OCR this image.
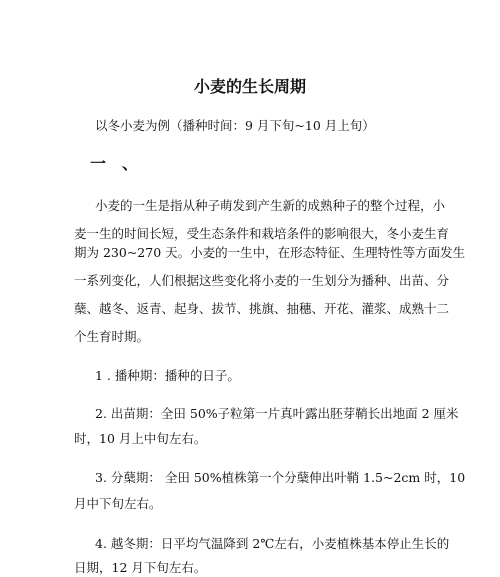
小麦的生长周期
以冬小麦为例（播种时间：9 月下旬~10 月上旬）
一　、
小麦的一生是指从种子萌发到产生新的成熟种子的整个过程，小
麦一生的时间长短，受生态条件和栽培条件的影响很大，冬小麦生育
期为 230~270 天。小麦的一生中，在形态特征、生理特性等方面发生
一系列变化，人们根据这些变化将小麦的一生划分为播种、出苗、分
蘖、越冬、返青、起身、拔节、挑旗、抽穗、开花、灌浆、成熟十二
个生育时期。
1 . 播种期：播种的日子。
2. 出苗期：全田 50%子粒第一片真叶露出胚芽鞘长出地面 2 厘米
时，10 月上中旬左右。
3. 分蘖期： 全田 50%植株第一个分蘖伸出叶鞘 1.5~2cm 时，10
月中下旬左右。
4. 越冬期：日平均气温降到 2℃左右，小麦植株基本停止生长的
日期，12 月下旬左右。
